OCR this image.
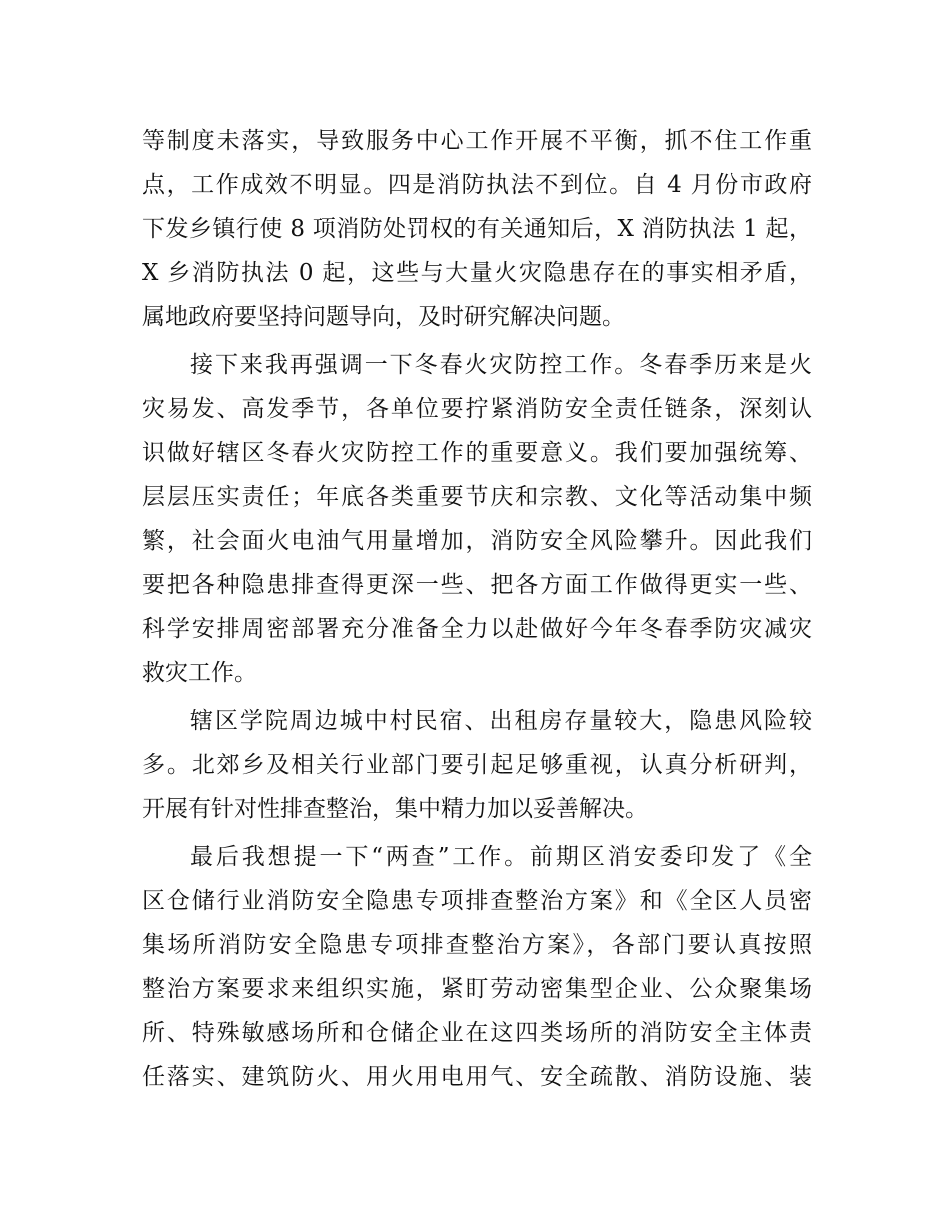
等制度未落实，导致服务中心工作开展不平衡，抓不住工作重
点，工作成效不明显。四是消防执法不到位。自 4 月份市政府
下发乡镇行使 8 项消防处罚权的有关通知后，X 消防执法 1 起，
X 乡消防执法 0 起，这些与大量火灾隐患存在的事实相矛盾，
属地政府要坚持问题导向，及时研究解决问题。
接下来我再强调一下冬春火灾防控工作。冬春季历来是火
灾易发、高发季节，各单位要拧紧消防安全责任链条，深刻认
识做好辖区冬春火灾防控工作的重要意义。我们要加强统筹、
层层压实责任；年底各类重要节庆和宗教、文化等活动集中频
繁，社会面火电油气用量增加，消防安全风险攀升。因此我们
要把各种隐患排查得更深一些、把各方面工作做得更实一些、
科学安排周密部署充分准备全力以赴做好今年冬春季防灾减灾
救灾工作。
辖区学院周边城中村民宿、出租房存量较大，隐患风险较
多。北郊乡及相关行业部门要引起足够重视，认真分析研判，
开展有针对性排查整治，集中精力加以妥善解决。
最后我想提一下“两查”工作。前期区消安委印发了《全
区仓储行业消防安全隐患专项排查整治方案》和《全区人员密
集场所消防安全隐患专项排查整治方案》，各部门要认真按照
整治方案要求来组织实施，紧盯劳动密集型企业、公众聚集场
所、特殊敏感场所和仓储企业在这四类场所的消防安全主体责
任落实、建筑防火、用火用电用气、安全疏散、消防设施、装
